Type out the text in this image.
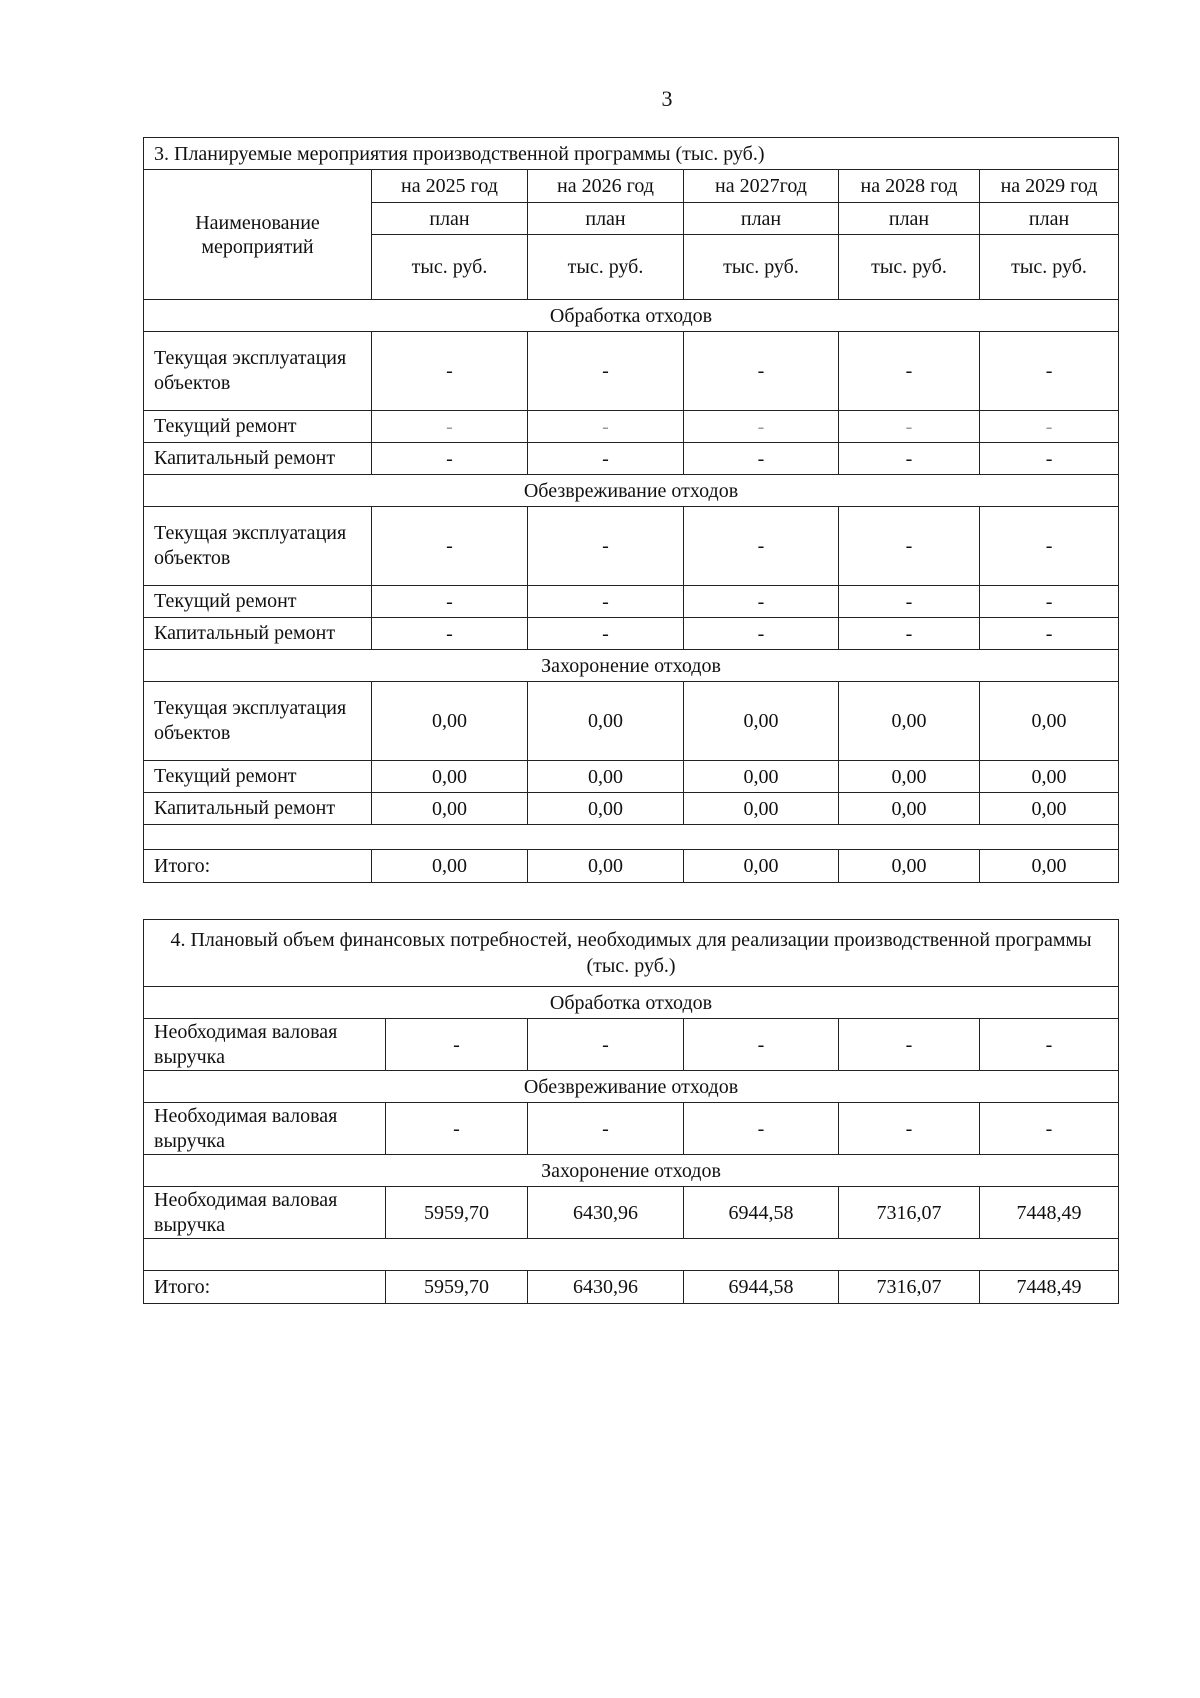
3
3. Планируемые мероприятия производственной программы (тыс. руб.)					
Наименование мероприятий	на 2025 год	на 2026 год	на 2027год	на 2028 год	на 2029 год
	план	план	план	план	план
	тыс. руб.	тыс. руб.	тыс. руб.	тыс. руб.	тыс. руб.
Обработка отходов					
Текущая эксплуатация объектов	-	-	-	-	-
Текущий ремонт	-	-	-	-	-
Капитальный ремонт	-	-	-	-	-
Обезвреживание отходов					
Текущая эксплуатация объектов	-	-	-	-	-
Текущий ремонт	-	-	-	-	-
Капитальный ремонт	-	-	-	-	-
Захоронение отходов					
Текущая эксплуатация объектов	0,00	0,00	0,00	0,00	0,00
Текущий ремонт	0,00	0,00	0,00	0,00	0,00
Капитальный ремонт	0,00	0,00	0,00	0,00	0,00

Итого:	0,00	0,00	0,00	0,00	0,00
4. Плановый объем финансовых потребностей, необходимых для реализации производственной программы (тыс. руб.)					
Обработка отходов					
Необходимая валовая выручка	-	-	-	-	-
Обезвреживание отходов					
Необходимая валовая выручка	-	-	-	-	-
Захоронение отходов					
Необходимая валовая выручка	5959,70	6430,96	6944,58	7316,07	7448,49

Итого:	5959,70	6430,96	6944,58	7316,07	7448,49
